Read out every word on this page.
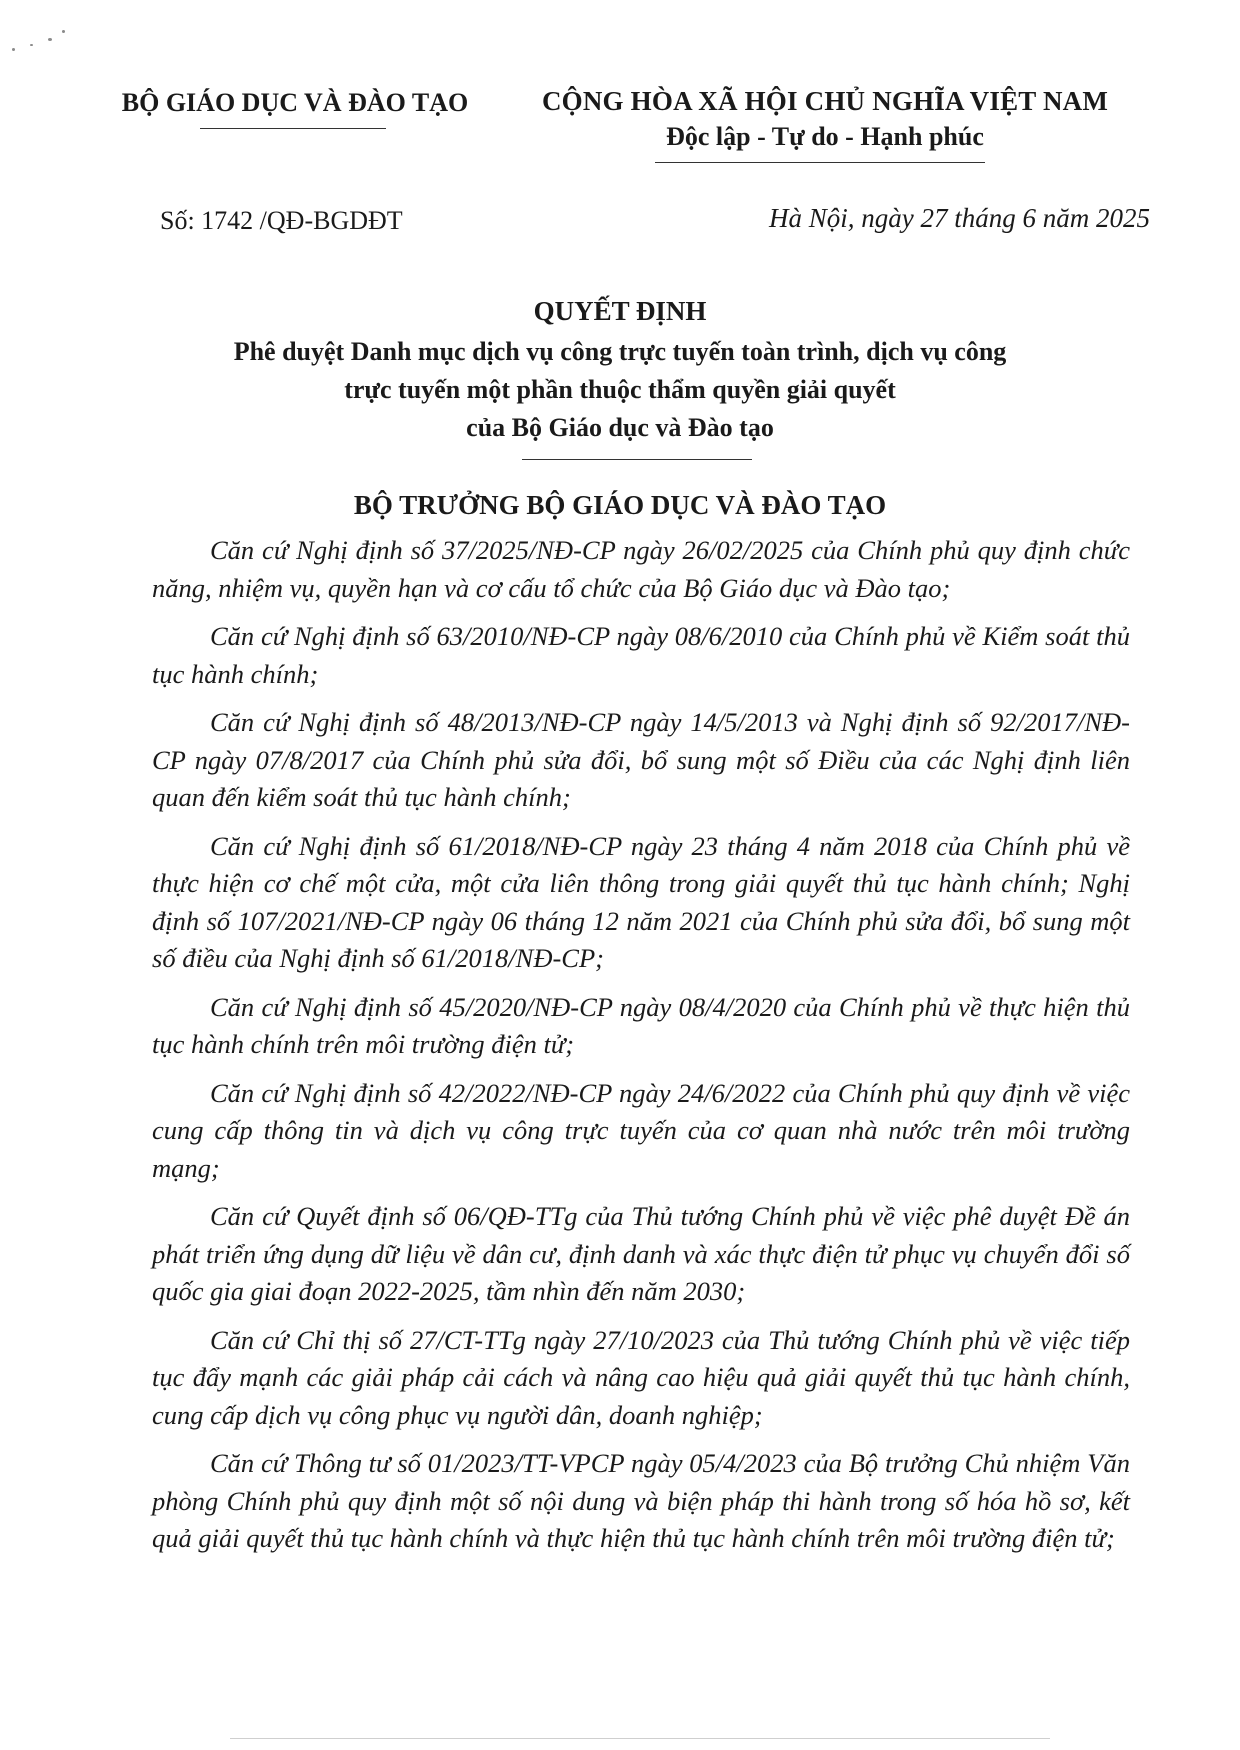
BỘ GIÁO DỤC VÀ ĐÀO TẠO	CỘNG HÒA XÃ HỘI CHỦ NGHĨA VIỆT NAM
Độc lập - Tự do - Hạnh phúc
Số: 1742 /QĐ-BGDĐT	Hà Nội, ngày 27 tháng 6 năm 2025
QUYẾT ĐỊNH
Phê duyệt Danh mục dịch vụ công trực tuyến toàn trình, dịch vụ công
trực tuyến một phần thuộc thẩm quyền giải quyết
của Bộ Giáo dục và Đào tạo
BỘ TRƯỞNG BỘ GIÁO DỤC VÀ ĐÀO TẠO
Căn cứ Nghị định số 37/2025/NĐ-CP ngày 26/02/2025 của Chính phủ quy định chức năng, nhiệm vụ, quyền hạn và cơ cấu tổ chức của Bộ Giáo dục và Đào tạo;
Căn cứ Nghị định số 63/2010/NĐ-CP ngày 08/6/2010 của Chính phủ về Kiểm soát thủ tục hành chính;
Căn cứ Nghị định số 48/2013/NĐ-CP ngày 14/5/2013 và Nghị định số 92/2017/NĐ-CP ngày 07/8/2017 của Chính phủ sửa đổi, bổ sung một số Điều của các Nghị định liên quan đến kiểm soát thủ tục hành chính;
Căn cứ Nghị định số 61/2018/NĐ-CP ngày 23 tháng 4 năm 2018 của Chính phủ về thực hiện cơ chế một cửa, một cửa liên thông trong giải quyết thủ tục hành chính; Nghị định số 107/2021/NĐ-CP ngày 06 tháng 12 năm 2021 của Chính phủ sửa đổi, bổ sung một số điều của Nghị định số 61/2018/NĐ-CP;
Căn cứ Nghị định số 45/2020/NĐ-CP ngày 08/4/2020 của Chính phủ về thực hiện thủ tục hành chính trên môi trường điện tử;
Căn cứ Nghị định số 42/2022/NĐ-CP ngày 24/6/2022 của Chính phủ quy định về việc cung cấp thông tin và dịch vụ công trực tuyến của cơ quan nhà nước trên môi trường mạng;
Căn cứ Quyết định số 06/QĐ-TTg của Thủ tướng Chính phủ về việc phê duyệt Đề án phát triển ứng dụng dữ liệu về dân cư, định danh và xác thực điện tử phục vụ chuyển đổi số quốc gia giai đoạn 2022-2025, tầm nhìn đến năm 2030;
Căn cứ Chỉ thị số 27/CT-TTg ngày 27/10/2023 của Thủ tướng Chính phủ về việc tiếp tục đẩy mạnh các giải pháp cải cách và nâng cao hiệu quả giải quyết thủ tục hành chính, cung cấp dịch vụ công phục vụ người dân, doanh nghiệp;
Căn cứ Thông tư số 01/2023/TT-VPCP ngày 05/4/2023 của Bộ trưởng Chủ nhiệm Văn phòng Chính phủ quy định một số nội dung và biện pháp thi hành trong số hóa hồ sơ, kết quả giải quyết thủ tục hành chính và thực hiện thủ tục hành chính trên môi trường điện tử;
